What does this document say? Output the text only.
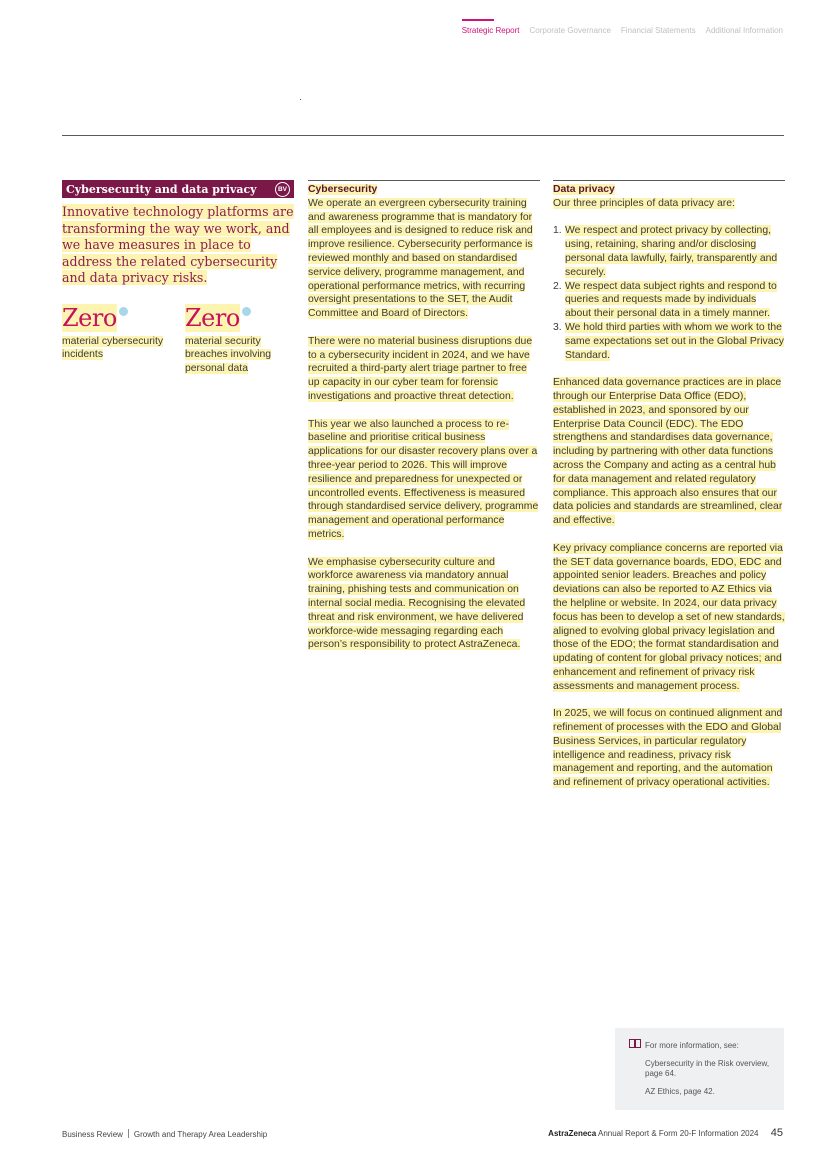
Strategic Report Corporate Governance Financial Statements Additional Information
Cybersecurity and data privacy	BV

Innovative technology platforms are transforming the way we work, and we have measures in place to address the related cybersecurity and data privacy risks.

Zero
material cybersecurity incidents
Zero
material security breaches involving personal data
Cybersecurity

We operate an evergreen cybersecurity training and awareness programme that is mandatory for all employees and is designed to reduce risk and improve resilience. Cybersecurity performance is reviewed monthly and based on standardised service delivery, programme management, and operational performance metrics, with recurring oversight presentations to the SET, the Audit Committee and Board of Directors.

There were no material business disruptions due to a cybersecurity incident in 2024, and we have recruited a third-party alert triage partner to free up capacity in our cyber team for forensic investigations and proactive threat detection.

This year we also launched a process to re-baseline and prioritise critical business applications for our disaster recovery plans over a three-year period to 2026. This will improve resilience and preparedness for unexpected or uncontrolled events. Effectiveness is measured through standardised service delivery, programme management and operational performance metrics.

We emphasise cybersecurity culture and workforce awareness via mandatory annual training, phishing tests and communication on internal social media. Recognising the elevated threat and risk environment, we have delivered workforce-wide messaging regarding each person’s responsibility to protect AstraZeneca.

Data privacy
Our three principles of data privacy are:
1. We respect and protect privacy by collecting, using, retaining, sharing and/or disclosing personal data lawfully, fairly, transparently and securely.
2. We respect data subject rights and respond to queries and requests made by individuals about their personal data in a timely manner.
3. We hold third parties with whom we work to the same expectations set out in the Global Privacy Standard.

Enhanced data governance practices are in place through our Enterprise Data Office (EDO), established in 2023, and sponsored by our Enterprise Data Council (EDC). The EDO strengthens and standardises data governance, including by partnering with other data functions across the Company and acting as a central hub for data management and related regulatory compliance. This approach also ensures that our data policies and standards are streamlined, clear and effective.

Key privacy compliance concerns are reported via the SET data governance boards, EDO, EDC and appointed senior leaders. Breaches and policy deviations can also be reported to AZ Ethics via the helpline or website. In 2024, our data privacy focus has been to develop a set of new standards, aligned to evolving global privacy legislation and those of the EDO; the format standardisation and updating of content for global privacy notices; and enhancement and refinement of privacy risk assessments and management process.

In 2025, we will focus on continued alignment and refinement of processes with the EDO and Global Business Services, in particular regulatory intelligence and readiness, privacy risk management and reporting, and the automation and refinement of privacy operational activities.

For more information, see:
Cybersecurity in the Risk overview, page 64.
AZ Ethics, page 42.
Business Review Growth and Therapy Area Leadership	AstraZeneca Annual Report & Form 20-F Information 2024 45
